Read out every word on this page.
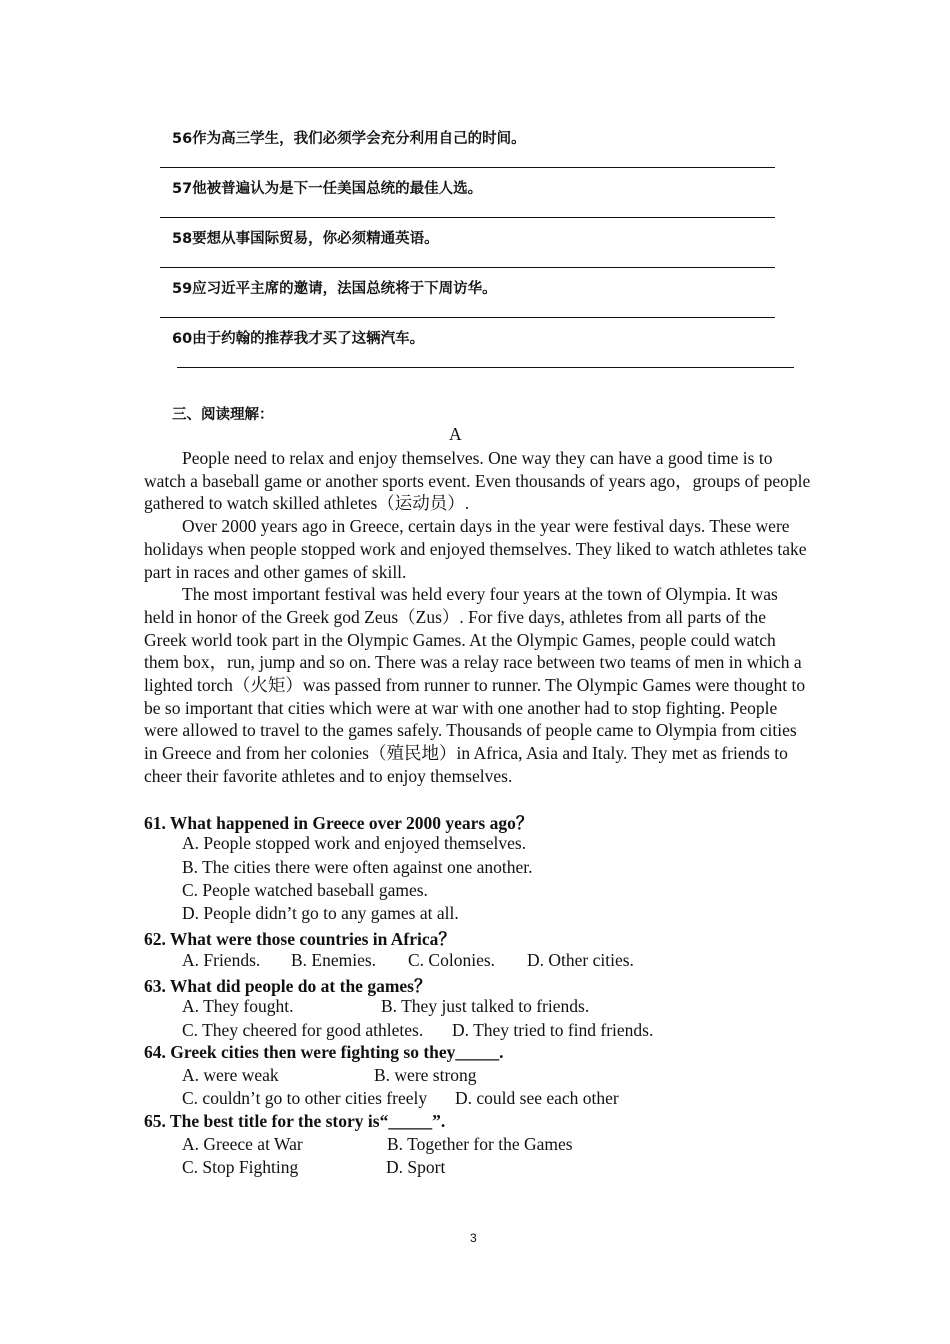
56作为高三学生，我们必须学会充分利用自己的时间。
57他被普遍认为是下一任美国总统的最佳人选。
58要想从事国际贸易，你必须精通英语。
59应习近平主席的邀请，法国总统将于下周访华。
60由于约翰的推荐我才买了这辆汽车。
三、阅读理解：
A

People need to relax and enjoy themselves. One way they can have a good time is to watch a baseball game or another sports event. Even thousands of years ago，groups of people gathered to watch skilled athletes（运动员）.

Over 2000 years ago in Greece, certain days in the year were festival days. These were holidays when people stopped work and enjoyed themselves. They liked to watch athletes take part in races and other games of skill.

The most important festival was held every four years at the town of Olympia. It was held in honor of the Greek god Zeus（Zus）. For five days, athletes from all parts of the Greek world took part in the Olympic Games. At the Olympic Games, people could watch them box，run, jump and so on. There was a relay race between two teams of men in which a lighted torch（火矩）was passed from runner to runner. The Olympic Games were thought to be so important that cities which were at war with one another had to stop fighting. People were allowed to travel to the games safely. Thousands of people came to Olympia from cities in Greece and from her colonies（殖民地）in Africa, Asia and Italy. They met as friends to cheer their favorite athletes and to enjoy themselves.

61. What happened in Greece over 2000 years ago？
A. People stopped work and enjoyed themselves.
B. The cities there were often against one another.
C. People watched baseball games.
D. People didn’t go to any games at all.
62. What were those countries in Africa？
A. Friends. B. Enemies. C. Colonies. D. Other cities.
63. What did people do at the games？
A. They fought.	B. They just talked to friends.
C. They cheered for good athletes. D. They tried to find friends.
64. Greek cities then were fighting so they_____.
A. were weak	B. were strong
C. couldn’t go to other cities freely D. could see each other
65. The best title for the story is“_____”.
A. Greece at War	B. Together for the Games
C. Stop Fighting	D. Sport
3
